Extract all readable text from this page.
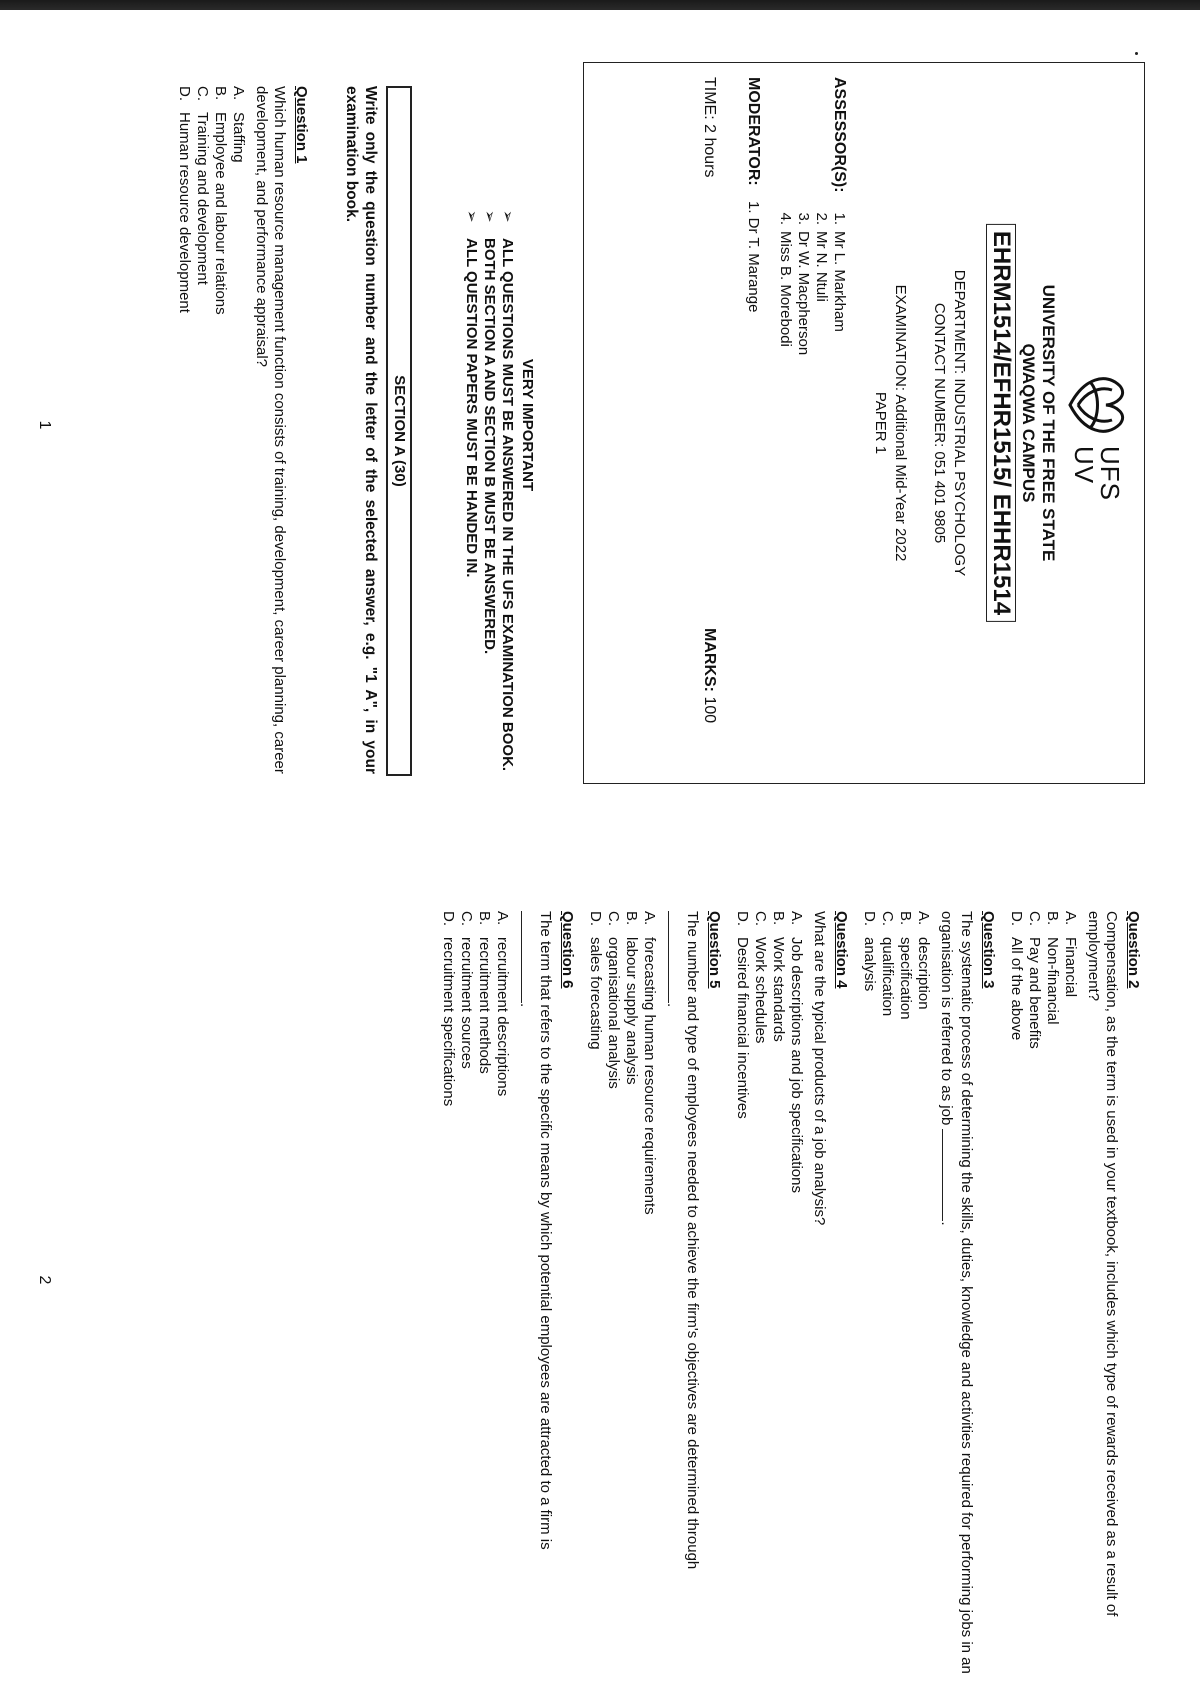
UFS
UV
UNIVERSITY OF THE FREE STATE
QWAQWA CAMPUS
EHRM1514/EFHR1515/ EHHR1514
DEPARTMENT: INDUSTRIAL PSYCHOLOGY
CONTACT NUMBER: 051 401 9805
EXAMINATION: Additional Mid-Year 2022
PAPER 1
ASSESSOR(S):
1.Mr L. Markham
2.Mr N. Ntuli
3.Dr W. Macpherson
4.Miss B. Morebodi
MODERATOR:
1. Dr T. Marange
TIME: 2 hours
MARKS: 100
VERY IMPORTANT
➢ ALL QUESTIONS MUST BE ANSWERED IN THE UFS EXAMINATION BOOK.
➢ BOTH SECTION A AND SECTION B MUST BE ANSWERED.
➢ ALL QUESTION PAPERS MUST BE HANDED IN.
SECTION A (30)
Write only the question number and the letter of the selected answer, e.g. "1 A", in your examination book.
Question 1

Which human resource management function consists of training, development, career planning, career development, and performance appraisal?

A.
Staffing
B.
Employee and labour relations
C.
Training and development
D.
Human resource development
1
Question 2

Compensation, as the term is used in your textbook, includes which type of rewards received as a result of employment?

A.
Financial
B.
Non-financial
C.
Pay and benefits
D.
All of the above
Question 3

The systematic process of determining the skills, duties, knowledge and activities required for performing jobs in an organisation is referred to as job .

A.
description
B.
specification
C.
qualification
D.
analysis
Question 4

What are the typical products of a job analysis?

A.
Job descriptions and job specifications
B.
Work standards
C.
Work schedules
D.
Desired financial incentives
Question 5

The number and type of employees needed to achieve the firm's objectives are determined through
.

A.
forecasting human resource requirements
B.
labour supply analysis
C.
organisational analysis
D.
sales forecasting
Question 6

The term that refers to the specific means by which potential employees are attracted to a firm is
.

A.
recruitment descriptions
B.
recruitment methods
C.
recruitment sources
D.
recruitment specifications
2
